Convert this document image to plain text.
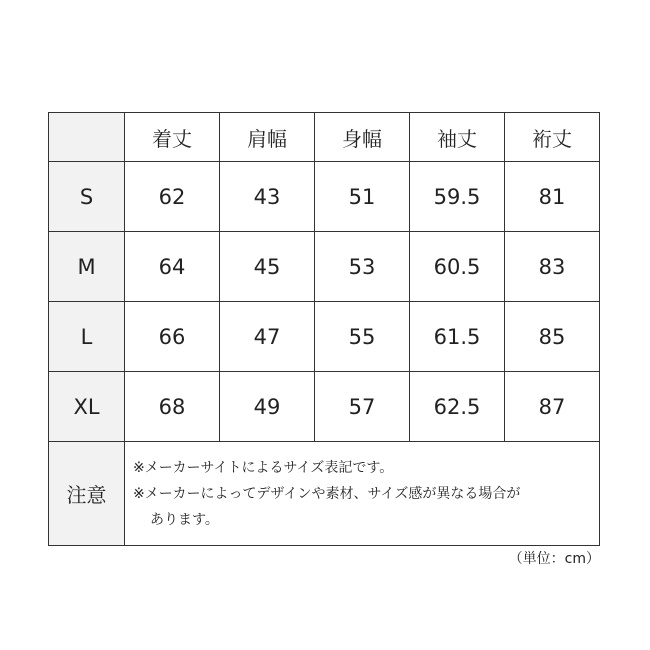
	着丈	肩幅	身幅	袖丈	裄丈
S	62	43	51	59.5	81
M	64	45	53	60.5	83
L	66	47	55	61.5	85
XL	68	49	57	62.5	87
注意	※メーカーサイトによるサイズ表記です。
※メーカーによってデザインや素材、サイズ感が異なる場合が
あります。				
（単位：cm）
